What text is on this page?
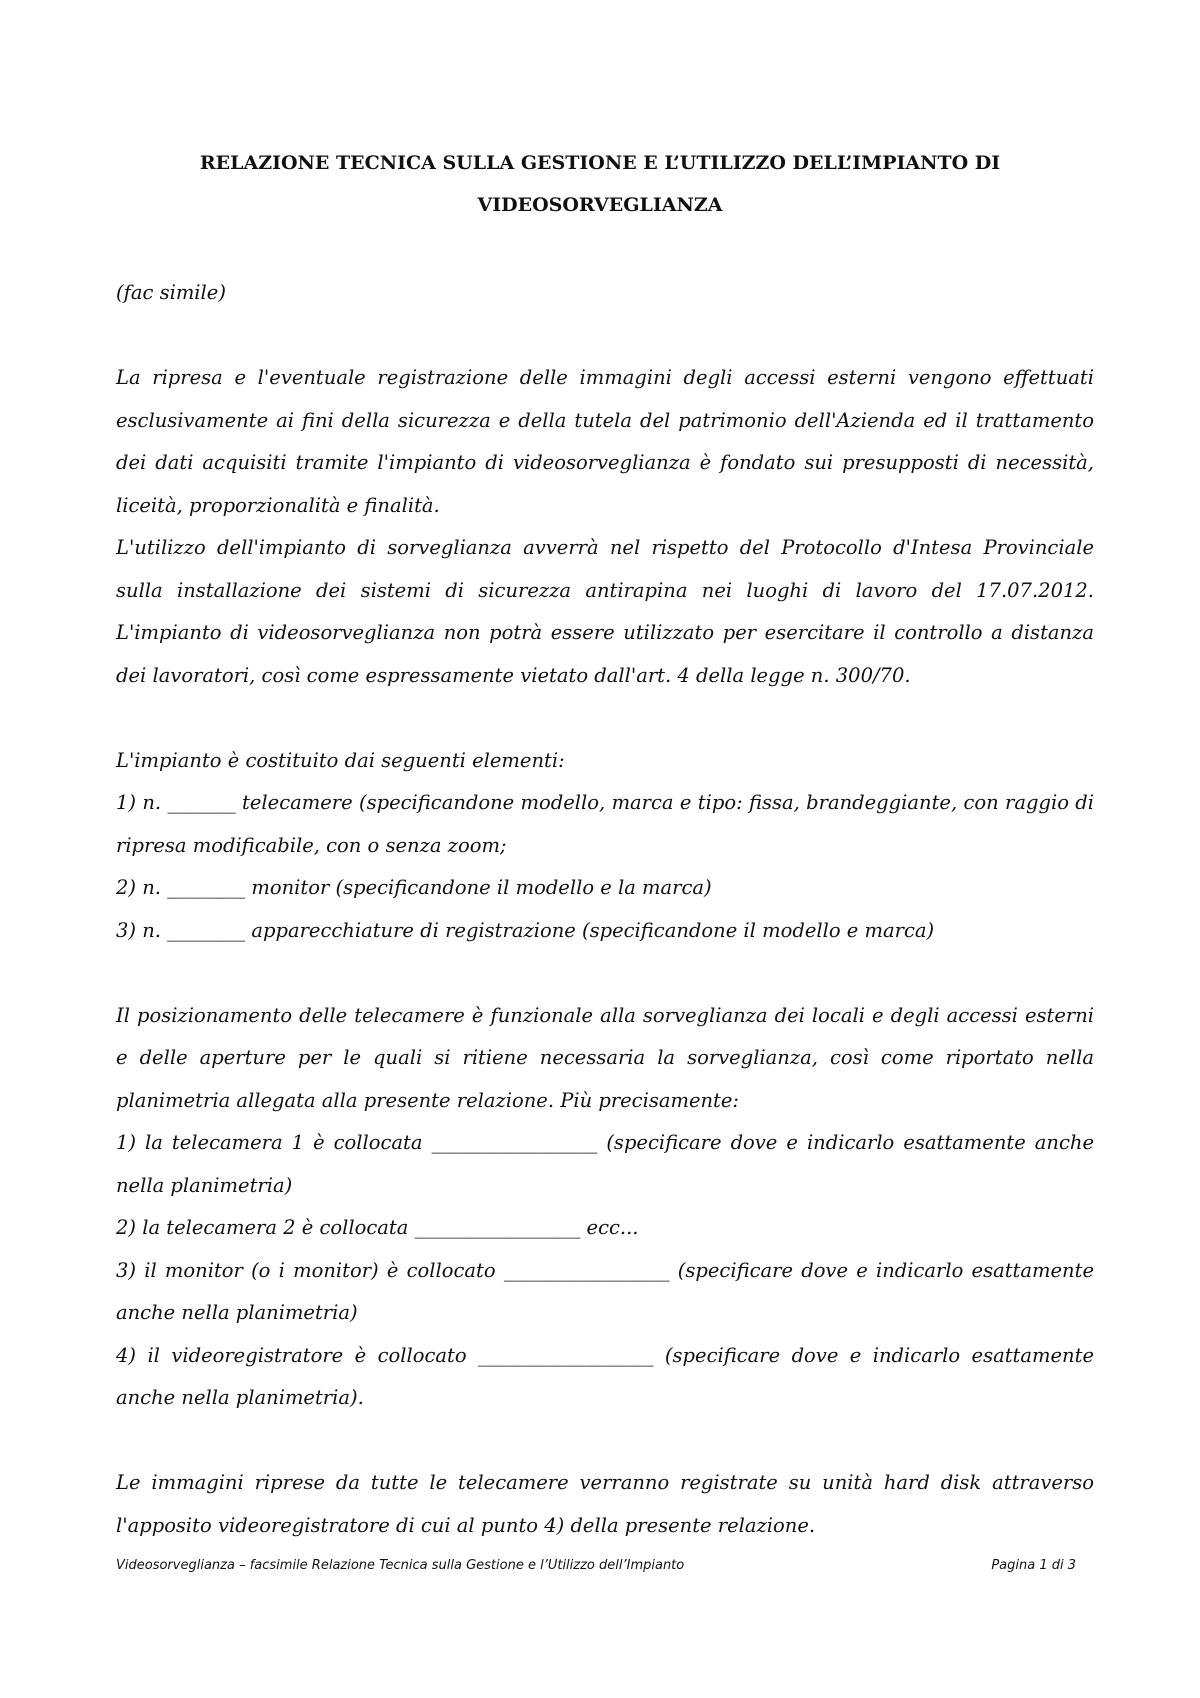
RELAZIONE TECNICA SULLA GESTIONE E L’UTILIZZO DELL’IMPIANTO DI
VIDEOSORVEGLIANZA

(fac simile)

La ripresa e l'eventuale registrazione delle immagini degli accessi esterni vengono effettuati esclusivamente ai fini della sicurezza e della tutela del patrimonio dell'Azienda ed il trattamento dei dati acquisiti tramite l'impianto di videosorveglianza è fondato sui presupposti di necessità, liceità, proporzionalità e finalità.

L'utilizzo dell'impianto di sorveglianza avverrà nel rispetto del Protocollo d'Intesa Provinciale sulla installazione dei sistemi di sicurezza antirapina nei luoghi di lavoro del 17.07.2012. L'impianto di videosorveglianza non potrà essere utilizzato per esercitare il controllo a distanza dei lavoratori, così come espressamente vietato dall'art. 4 della legge n. 300/70.

L'impianto è costituito dai seguenti elementi:

1) n. _______ telecamere (specificandone modello, marca e tipo: fissa, brandeggiante, con raggio di ripresa modificabile, con o senza zoom;

2) n. ________ monitor (specificandone il modello e la marca)

3) n. ________ apparecchiature di registrazione (specificandone il modello e marca)

Il posizionamento delle telecamere è funzionale alla sorveglianza dei locali e degli accessi esterni e delle aperture per le quali si ritiene necessaria la sorveglianza, così come riportato nella planimetria allegata alla presente relazione. Più precisamente:

1) la telecamera 1 è collocata _________________ (specificare dove e indicarlo esattamente anche nella planimetria)

2) la telecamera 2 è collocata _________________ ecc...

3) il monitor (o i monitor) è collocato _________________ (specificare dove e indicarlo esattamente anche nella planimetria)

4) il videoregistratore è collocato __________________ (specificare dove e indicarlo esattamente anche nella planimetria).

Le immagini riprese da tutte le telecamere verranno registrate su unità hard disk attraverso l'apposito videoregistratore di cui al punto 4) della presente relazione.

Videosorveglianza – facsimile Relazione Tecnica sulla Gestione e l’Utilizzo dell’Impianto	Pagina 1 di 3
